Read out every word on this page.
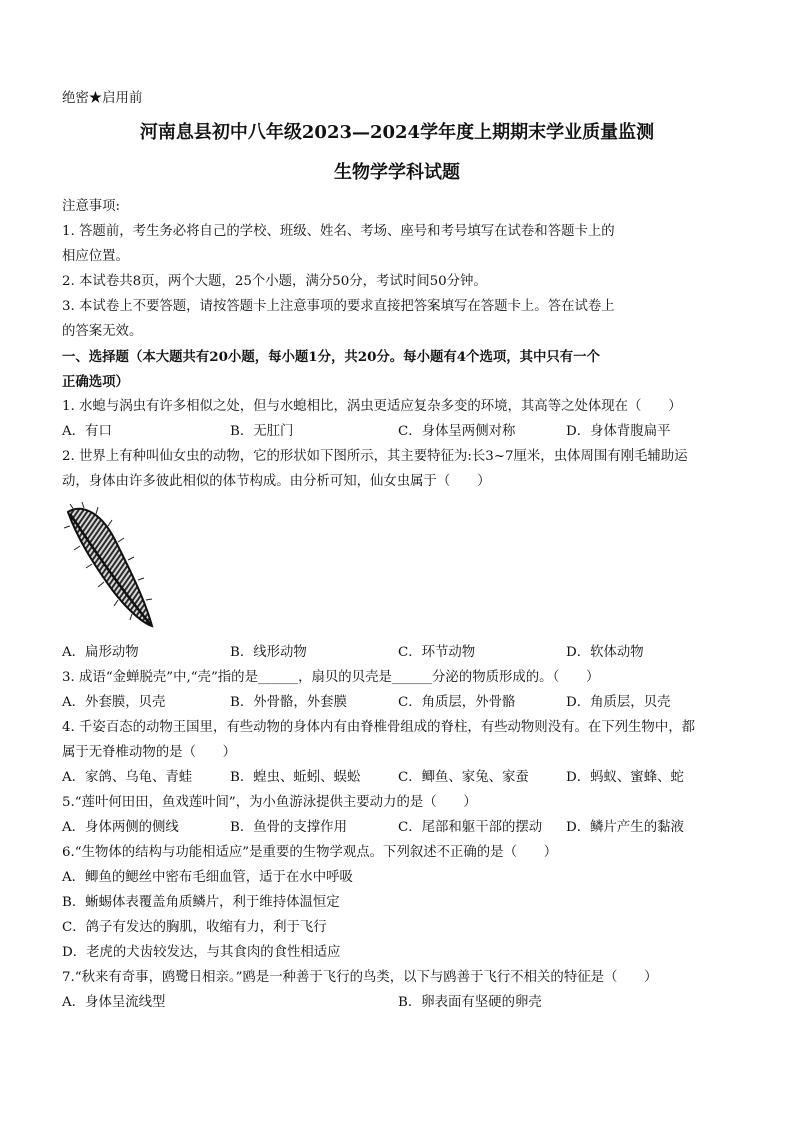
绝密★启用前
河南息县初中八年级2023—2024学年度上期期末学业质量监测
生物学学科试题
注意事项:
1. 答题前，考生务必将自己的学校、班级、姓名、考场、座号和考号填写在试卷和答题卡上的
相应位置。
2. 本试卷共8页，两个大题，25个小题，满分50分，考试时间50分钟。
3. 本试卷上不要答题，请按答题卡上注意事项的要求直接把答案填写在答题卡上。答在试卷上
的答案无效。
一、选择题（本大题共有20小题，每小题1分，共20分。每小题有4个选项，其中只有一个
正确选项）
1. 水螅与涡虫有许多相似之处，但与水螅相比，涡虫更适应复杂多变的环境，其高等之处体现在（　　）
A．有口	B．无肛门	C．身体呈两侧对称	D．身体背腹扁平
2. 世界上有种叫仙女虫的动物，它的形状如下图所示，其主要特征为:长3~7厘米，虫体周围有刚毛辅助运
动，身体由许多彼此相似的体节构成。由分析可知，仙女虫属于（　　）
A．扁形动物	B．线形动物	C．环节动物	D．软体动物
3. 成语“金蝉脱壳”中,“壳”指的是______，扇贝的贝壳是______分泌的物质形成的。（　　）
A．外套膜，贝壳	B．外骨骼，外套膜	C．角质层，外骨骼	D．角质层，贝壳
4. 千姿百态的动物王国里，有些动物的身体内有由脊椎骨组成的脊柱，有些动物则没有。在下列生物中，都
属于无脊椎动物的是（　　）
A．家鸽、乌龟、青蛙	B．蝗虫、蚯蚓、蜈蚣	C．鲫鱼、家兔、家蚕	D．蚂蚁、蜜蜂、蛇
5.“莲叶何田田，鱼戏莲叶间”，为小鱼游泳提供主要动力的是（　　）
A．身体两侧的侧线	B．鱼骨的支撑作用	C．尾部和躯干部的摆动 D．鳞片产生的黏液
6.“生物体的结构与功能相适应”是重要的生物学观点。下列叙述不正确的是（　　）
A．鲫鱼的鳃丝中密布毛细血管，适于在水中呼吸
B．蜥蜴体表覆盖角质鳞片，利于维持体温恒定
C．鸽子有发达的胸肌，收缩有力，利于飞行
D．老虎的犬齿较发达，与其食肉的食性相适应
7.“秋来有奇事，鸥鹭日相亲。”鸥是一种善于飞行的鸟类，以下与鸥善于飞行不相关的特征是（　　）
A．身体呈流线型	B．卵表面有坚硬的卵壳
